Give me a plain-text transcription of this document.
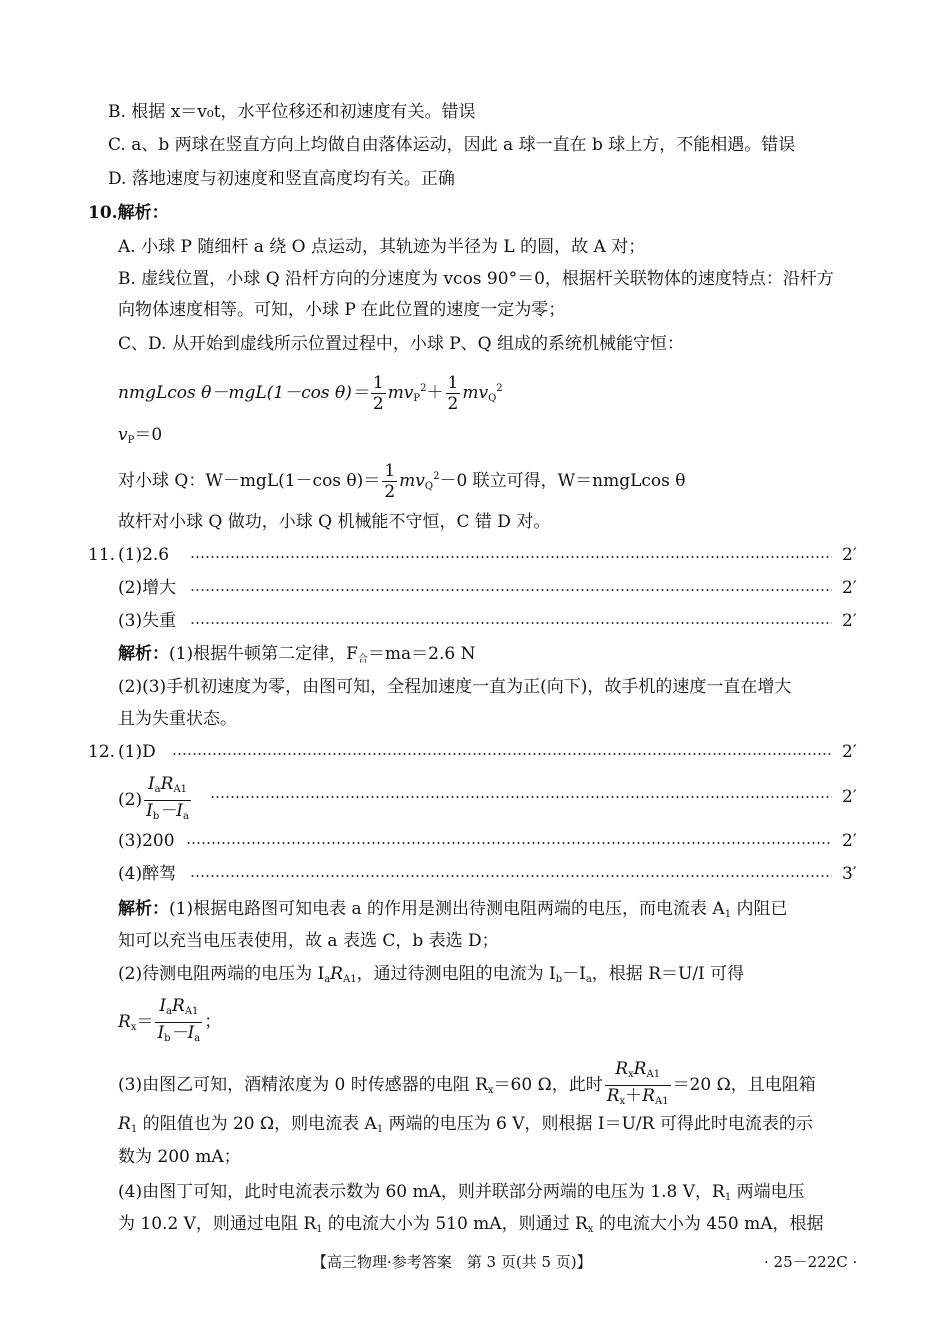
B. 根据 x＝v₀t，水平位移还和初速度有关。错误
C. a、b 两球在竖直方向上均做自由落体运动，因此 a 球一直在 b 球上方，不能相遇。错误
D. 落地速度与初速度和竖直高度均有关。正确
10.解析：
A. 小球 P 随细杆 a 绕 O 点运动，其轨迹为半径为 L 的圆，故 A 对；
B. 虚线位置，小球 Q 沿杆方向的分速度为 vcos 90°＝0，根据杆关联物体的速度特点：沿杆方
向物体速度相等。可知，小球 P 在此位置的速度一定为零；
C、D. 从开始到虚线所示位置过程中，小球 P、Q 组成的系统机械能守恒：
nmgLcos θ－mgL(1－cos $\theta)= \frac{1}{2} mv_P^2+ \frac{1}{2} mv_Q^2$
$v_P=0$
对小球 Q：W－mgL(1－cos $\theta)= \frac{1}{2} mv_Q^2-0$ 联立可得，W＝nmgLcos θ
故杆对小球 Q 做功，小球 Q 机械能不守恒，C 错 D 对。
11. (1)2.6	2′
(2)增大	2′
(3)失重	2′
解析：(1)根据牛顿第二定律，$F_合=ma=2.6$ N
(2)(3)手机初速度为零，由图可知，全程加速度一直为正(向下)，故手机的速度一直在增大
且为失重状态。
12. (1)D	2′
$(2) \frac{I_aR_{A1}}{I_b-I_a}$	2′
(3)200	2′
(4)醉驾	3′
解析：(1)根据电路图可知电表 a 的作用是测出待测电阻两端的电压，而电流表 $A_1$ 内阻已
知可以充当电压表使用，故 a 表选 C，b 表选 D；
(2)待测电阻两端的电压为 $I_aR_{A1}$，通过待测电阻的电流为 $I_b-I_a$，根据 R＝U/I 可得
$R_x= \frac{I_aR_{A1}}{I_b-I_a}$ ；
(3)由图乙可知，酒精浓度为 0 时传感器的电阻 $R_x=60$ Ω，此时 $\frac{R_xR_{A1}}{R_x+R_{A1}} =20$ Ω，且电阻箱
$R_1$ 的阻值也为 20 Ω，则电流表 $A_1$ 两端的电压为 6 V，则根据 I＝U/R 可得此时电流表的示
数为 200 mA；
(4)由图丁可知，此时电流表示数为 60 mA，则并联部分两端的电压为 1.8 V，$R_1$ 两端电压
为 10.2 V，则通过电阻 $R_1$ 的电流大小为 510 mA，则通过 $R_x$ 的电流大小为 450 mA，根据
【高三物理·参考答案　第 3 页(共 5 页)】	· 25－222C ·
